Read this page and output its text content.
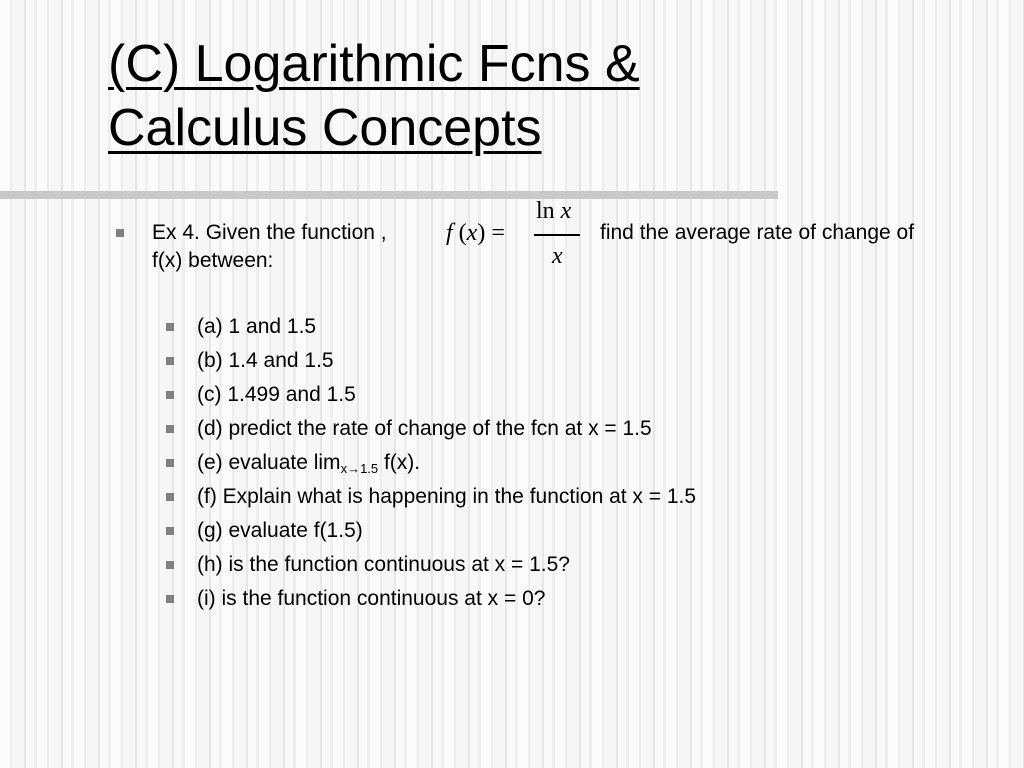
(C) Logarithmic Fcns &
Calculus Concepts
Ex 4. Given the function ,	f (x) =
ln x
x
find the average rate of change of
f(x) between:
(a) 1 and 1.5
(b) 1.4 and 1.5
(c) 1.499 and 1.5
(d) predict the rate of change of the fcn at x = 1.5
(e) evaluate $\lim_{x\to 1.5} f(x)$.
(f) Explain what is happening in the function at x = 1.5
(g) evaluate f(1.5)
(h) is the function continuous at x = 1.5?
(i) is the function continuous at x = 0?
